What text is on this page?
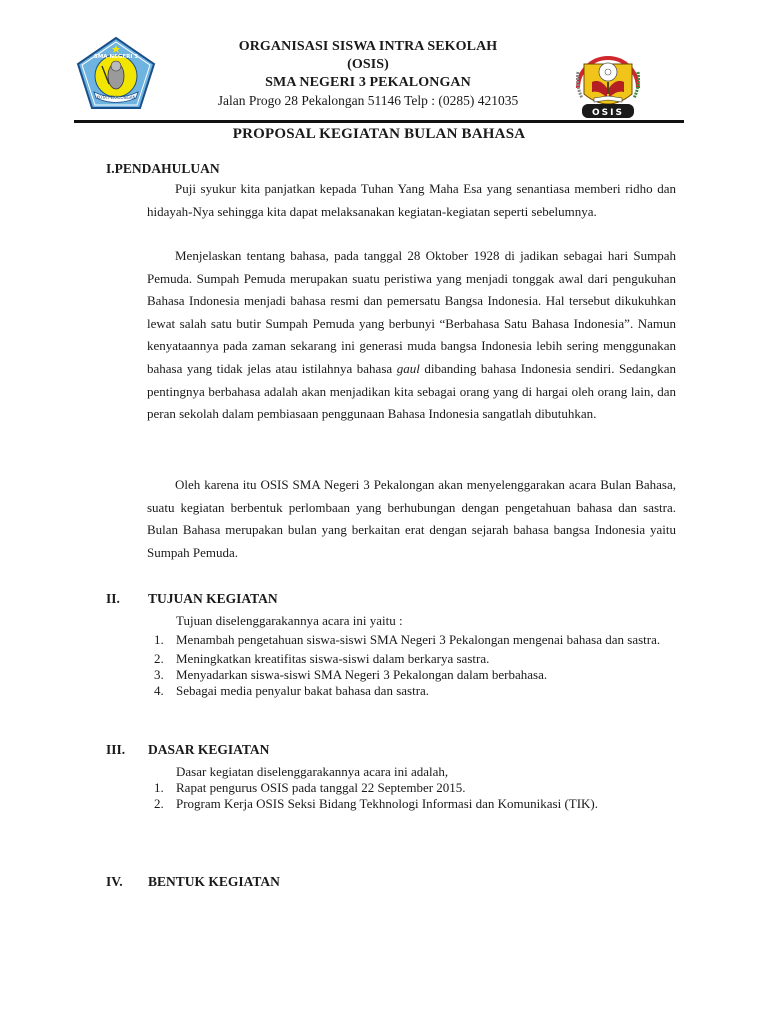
SMA NEGERI 3
KOTA PEKALONGAN
ORGANISASI SISWA INTRA SEKOLAH
(OSIS)
SMA NEGERI 3 PEKALONGAN
Jalan Progo 28 Pekalongan 51146 Telp : (0285) 421035
OSIS
PROPOSAL KEGIATAN BULAN BAHASA
I.PENDAHULUAN
Puji syukur kita panjatkan kepada Tuhan Yang Maha Esa yang senantiasa memberi ridho dan hidayah-Nya sehingga kita dapat melaksanakan kegiatan-kegiatan seperti sebelumnya.
Menjelaskan tentang bahasa, pada tanggal 28 Oktober 1928 di jadikan sebagai hari Sumpah Pemuda. Sumpah Pemuda merupakan suatu peristiwa yang menjadi tonggak awal dari pengukuhan Bahasa Indonesia menjadi bahasa resmi dan pemersatu Bangsa Indonesia. Hal tersebut dikukuhkan lewat salah satu butir Sumpah Pemuda yang berbunyi “Berbahasa Satu Bahasa Indonesia”. Namun kenyataannya pada zaman sekarang ini generasi muda bangsa Indonesia lebih sering menggunakan bahasa yang tidak jelas atau istilahnya bahasa gaul dibanding bahasa Indonesia sendiri. Sedangkan pentingnya berbahasa adalah akan menjadikan kita sebagai orang yang di hargai oleh orang lain, dan peran sekolah dalam pembiasaan penggunaan Bahasa Indonesia sangatlah dibutuhkan.
Oleh karena itu OSIS SMA Negeri 3 Pekalongan akan menyelenggarakan acara Bulan Bahasa, suatu kegiatan berbentuk perlombaan yang berhubungan dengan pengetahuan bahasa dan sastra. Bulan Bahasa merupakan bulan yang berkaitan erat dengan sejarah bahasa bangsa Indonesia yaitu Sumpah Pemuda.
II. TUJUAN KEGIATAN
Tujuan diselenggarakannya acara ini yaitu :
1. Menambah pengetahuan siswa-siswi SMA Negeri 3 Pekalongan mengenai bahasa dan sastra.
2. Meningkatkan kreatifitas siswa-siswi dalam berkarya sastra.
3. Menyadarkan siswa-siswi SMA Negeri 3 Pekalongan dalam berbahasa.
4. Sebagai media penyalur bakat bahasa dan sastra.
III. DASAR KEGIATAN
Dasar kegiatan diselenggarakannya acara ini adalah,
1. Rapat pengurus OSIS pada tanggal 22 September 2015.
2. Program Kerja OSIS Seksi Bidang Tekhnologi Informasi dan Komunikasi (TIK).
IV. BENTUK KEGIATAN
